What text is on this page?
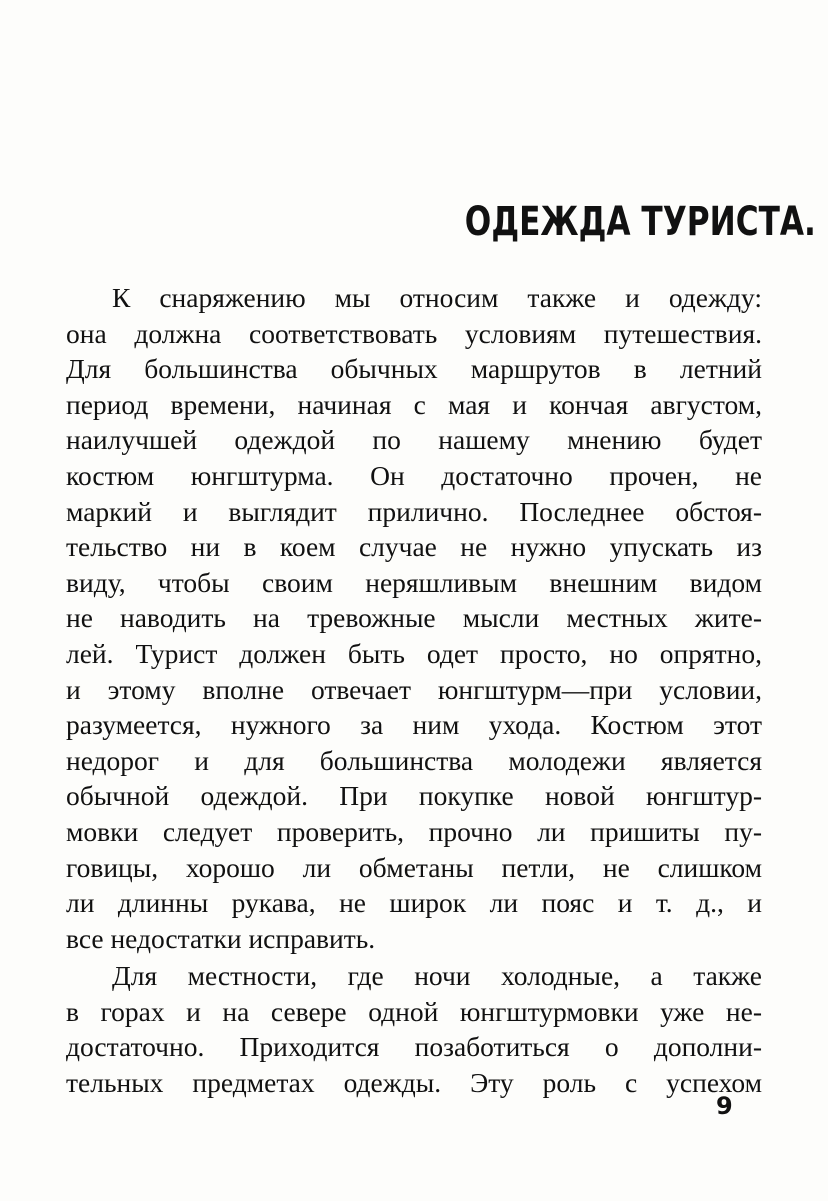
ОДЕЖДА ТУРИСТА.

К снаряжению мы относим также и одежду:
она должна соответствовать условиям путешествия.
Для большинства обычных маршрутов в летний
период времени, начиная с мая и кончая августом,
наилучшей одеждой по нашему мнению будет
костюм юнгштурма. Он достаточно прочен, не
маркий и выглядит прилично. Последнее обстоя-
тельство ни в коем случае не нужно упускать из
виду, чтобы своим неряшливым внешним видом
не наводить на тревожные мысли местных жите-
лей. Турист должен быть одет просто, но опрятно,
и этому вполне отвечает юнгштурм—при условии,
разумеется, нужного за ним ухода. Костюм этот
недорог и для большинства молодежи является
обычной одеждой. При покупке новой юнгштур-
мовки следует проверить, прочно ли пришиты пу-
говицы, хорошо ли обметаны петли, не слишком
ли длинны рукава, не широк ли пояс и т. д., и
все недостатки исправить.

Для местности, где ночи холодные, а также
в горах и на севере одной юнгштурмовки уже не-
достаточно. Приходится позаботиться о дополни-
тельных предметах одежды. Эту роль с успехом

9
